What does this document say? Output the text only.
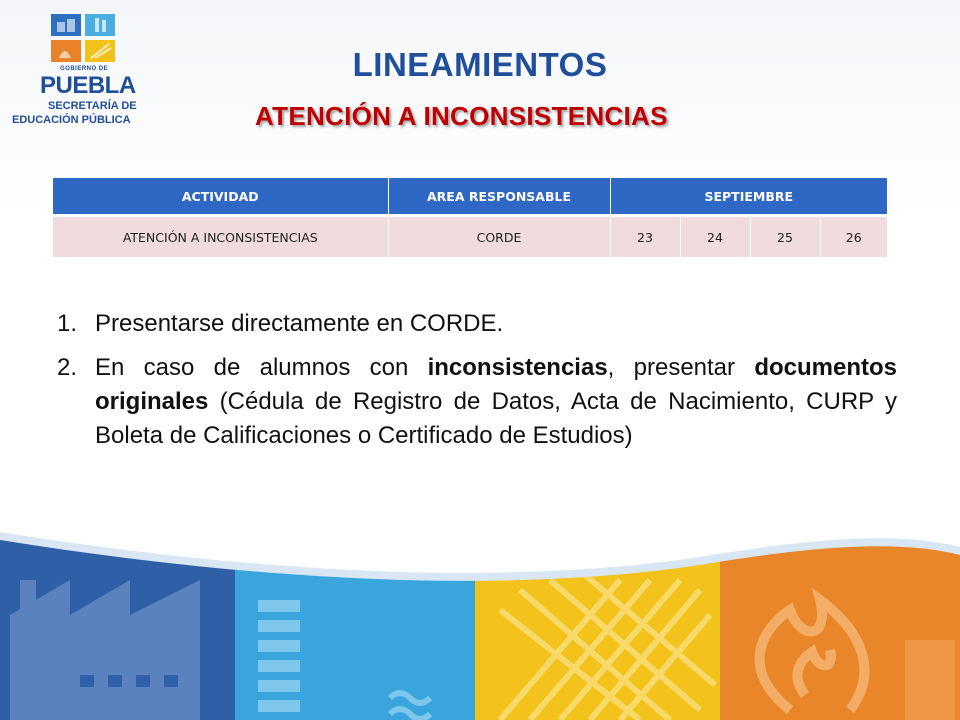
GOBIERNO DE
PUEBLA
SECRETARÍA DE
EDUCACIÓN PÚBLICA
LINEAMIENTOS
ATENCIÓN A INCONSISTENCIAS
ACTIVIDAD	AREA RESPONSABLE	SEPTIEMBRE			
ATENCIÓN A INCONSISTENCIAS	CORDE	23	24	25	26
1. Presentarse directamente en CORDE.
2. En caso de alumnos con inconsistencias, presentar documentos originales (Cédula de Registro de Datos, Acta de Nacimiento, CURP y Boleta de Calificaciones o Certificado de Estudios)
